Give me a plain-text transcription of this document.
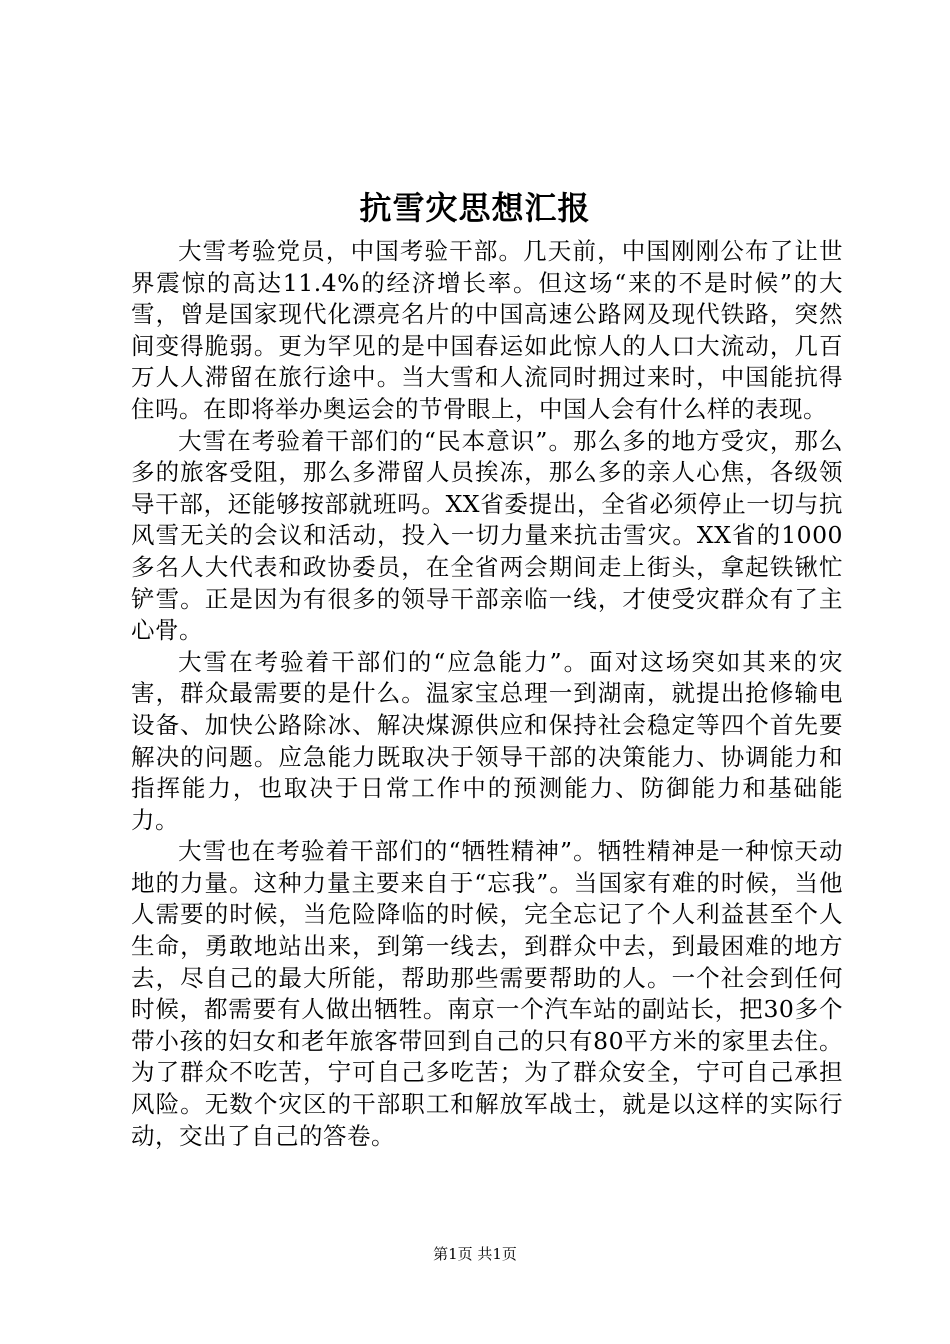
抗雪灾思想汇报

大雪考验党员，中国考验干部。几天前，中国刚刚公布了让世界震惊的高达11.4%的经济增长率。但这场“来的不是时候”的大雪，曾是国家现代化漂亮名片的中国高速公路网及现代铁路，突然间变得脆弱。更为罕见的是中国春运如此惊人的人口大流动，几百万人人滞留在旅行途中。当大雪和人流同时拥过来时，中国能抗得住吗。在即将举办奥运会的节骨眼上，中国人会有什么样的表现。

大雪在考验着干部们的“民本意识”。那么多的地方受灾，那么多的旅客受阻，那么多滞留人员挨冻，那么多的亲人心焦，各级领导干部，还能够按部就班吗。XX省委提出，全省必须停止一切与抗风雪无关的会议和活动，投入一切力量来抗击雪灾。XX省的1000多名人大代表和政协委员，在全省两会期间走上街头，拿起铁锹忙铲雪。正是因为有很多的领导干部亲临一线，才使受灾群众有了主心骨。

大雪在考验着干部们的“应急能力”。面对这场突如其来的灾害，群众最需要的是什么。温家宝总理一到湖南，就提出抢修输电设备、加快公路除冰、解决煤源供应和保持社会稳定等四个首先要解决的问题。应急能力既取决于领导干部的决策能力、协调能力和指挥能力，也取决于日常工作中的预测能力、防御能力和基础能力。

大雪也在考验着干部们的“牺牲精神”。牺牲精神是一种惊天动地的力量。这种力量主要来自于“忘我”。当国家有难的时候，当他人需要的时候，当危险降临的时候，完全忘记了个人利益甚至个人生命，勇敢地站出来，到第一线去，到群众中去，到最困难的地方去，尽自己的最大所能，帮助那些需要帮助的人。一个社会到任何时候，都需要有人做出牺牲。南京一个汽车站的副站长，把30多个带小孩的妇女和老年旅客带回到自己的只有80平方米的家里去住。为了群众不吃苦，宁可自己多吃苦；为了群众安全，宁可自己承担风险。无数个灾区的干部职工和解放军战士，就是以这样的实际行动，交出了自己的答卷。

第1页 共1页
